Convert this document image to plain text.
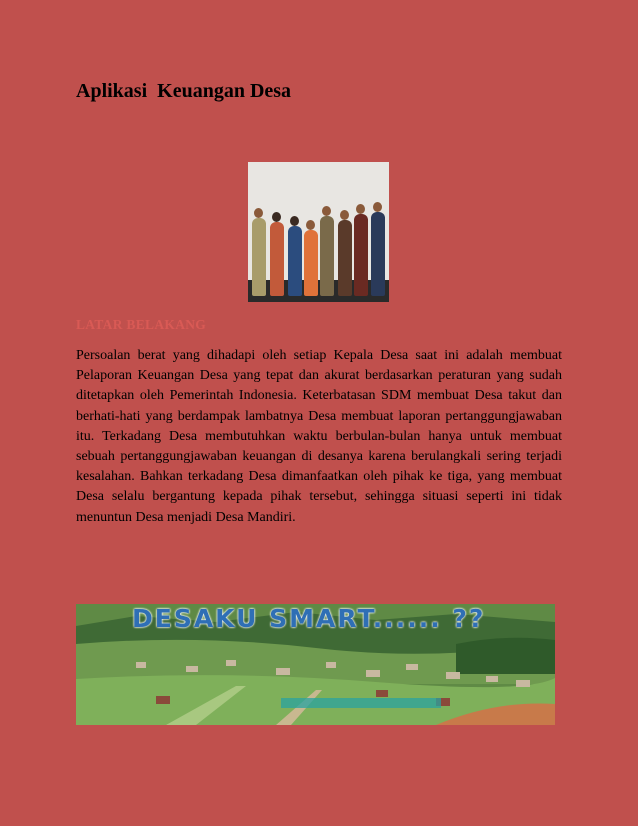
Aplikasi  Keuangan Desa
LATAR BELAKANG
Persoalan berat yang dihadapi oleh setiap Kepala Desa saat ini adalah membuat Pelaporan Keuangan Desa yang tepat dan akurat berdasarkan peraturan yang sudah ditetapkan oleh Pemerintah Indonesia. Keterbatasan SDM membuat Desa takut dan berhati-hati yang berdampak lambatnya Desa membuat laporan pertanggungjawaban itu. Terkadang Desa membutuhkan waktu berbulan-bulan hanya untuk membuat sebuah pertanggungjawaban keuangan di desanya karena berulangkali sering terjadi kesalahan. Bahkan terkadang Desa dimanfaatkan oleh pihak ke tiga, yang membuat Desa selalu bergantung kepada pihak tersebut, sehingga situasi seperti ini tidak menuntun Desa menjadi Desa Mandiri.
DESAKU SMART...... ??
